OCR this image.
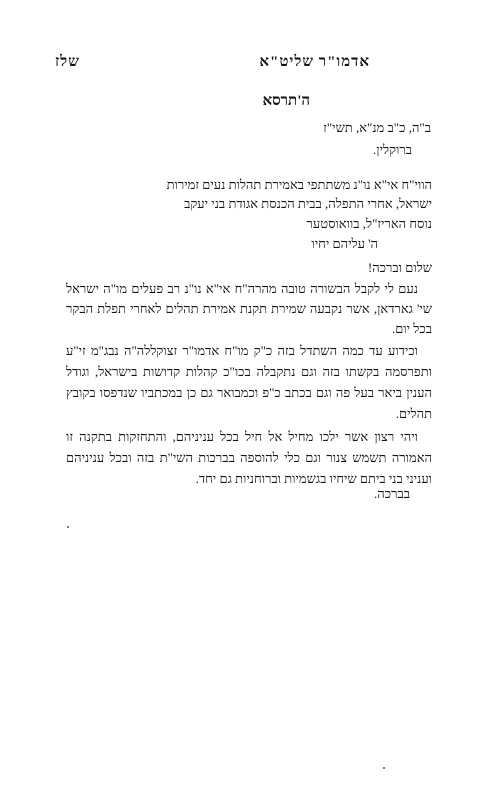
אדמו"ר שליט"א
שלז
ה'תרסא
ב"ה, כ"ב מנ"א, תשי"ז
ברוקלין.
הווי"ח אי"א נו"נ משתתפי באמירת תהלות נעים זמירות
ישראל, אחרי התפלה, בבית הכנסת אגודת בני יעקב
נוסח האריז"ל, בוואוסטער
ה' עליהם יחיו
שלום וברכה!
נעם לי לקבל הבשורה טובה מהרה"ח אי"א נו"נ רב פעלים מו"ה ישראל
שי' גארדאן, אשר נקבעה שמירת תקנת אמירת תהלים לאחרי תפלת הבקר
בכל יום.
וכידוע עד כמה השתדל בזה כ"ק מו"ח אדמו"ר זצוקללה"ה נבג"מ זי"ע
ותפרסמה בקשתו בזה וגם נתקבלה בכו"כ קהלות קדושות בישראל, וגודל
הענין ביאר בעל פה וגם בכתב כ"פ וכמבואר גם כן במכתביו שנדפסו בקובץ
תהלים.
ויהי רצון אשר ילכו מחיל אל חיל בכל עניניהם, והתחזקות בתקנה זו
האמורה תשמש צנור וגם כלי להוספה בברכות השי"ת בזה ובכל עניניהם
ועניני בני ביתם שיחיו בגשמיות וברוחניות גם יחד.
בברכה.
